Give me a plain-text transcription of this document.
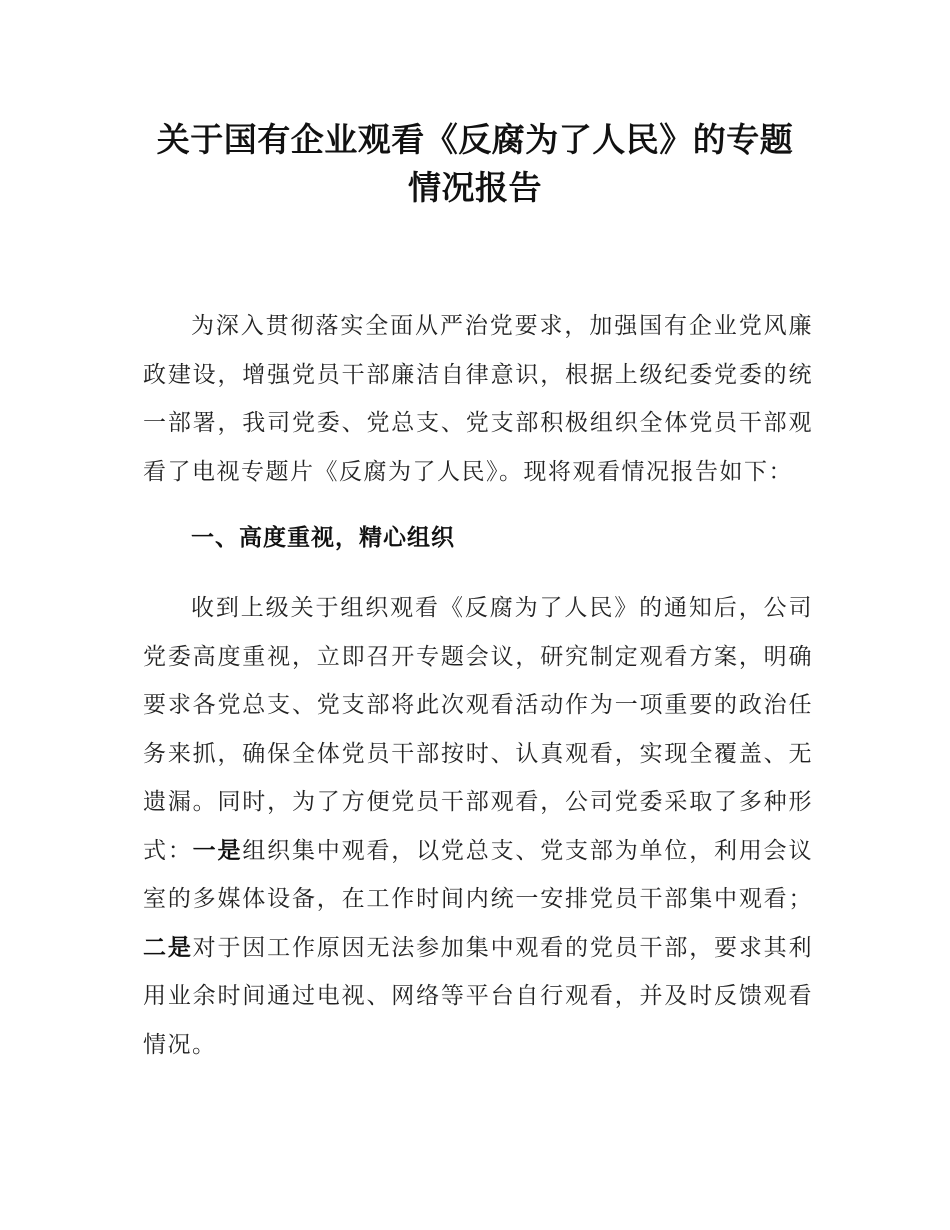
关于国有企业观看《反腐为了人民》的专题
情况报告

为深入贯彻落实全面从严治党要求，加强国有企业党风廉政建设，增强党员干部廉洁自律意识，根据上级纪委党委的统一部署，我司党委、党总支、党支部积极组织全体党员干部观看了电视专题片《反腐为了人民》。现将观看情况报告如下：

一、高度重视，精心组织

收到上级关于组织观看《反腐为了人民》的通知后，公司党委高度重视，立即召开专题会议，研究制定观看方案，明确要求各党总支、党支部将此次观看活动作为一项重要的政治任务来抓，确保全体党员干部按时、认真观看，实现全覆盖、无遗漏。同时，为了方便党员干部观看，公司党委采取了多种形式：一是组织集中观看，以党总支、党支部为单位，利用会议室的多媒体设备，在工作时间内统一安排党员干部集中观看；二是对于因工作原因无法参加集中观看的党员干部，要求其利用业余时间通过电视、网络等平台自行观看，并及时反馈观看情况。
